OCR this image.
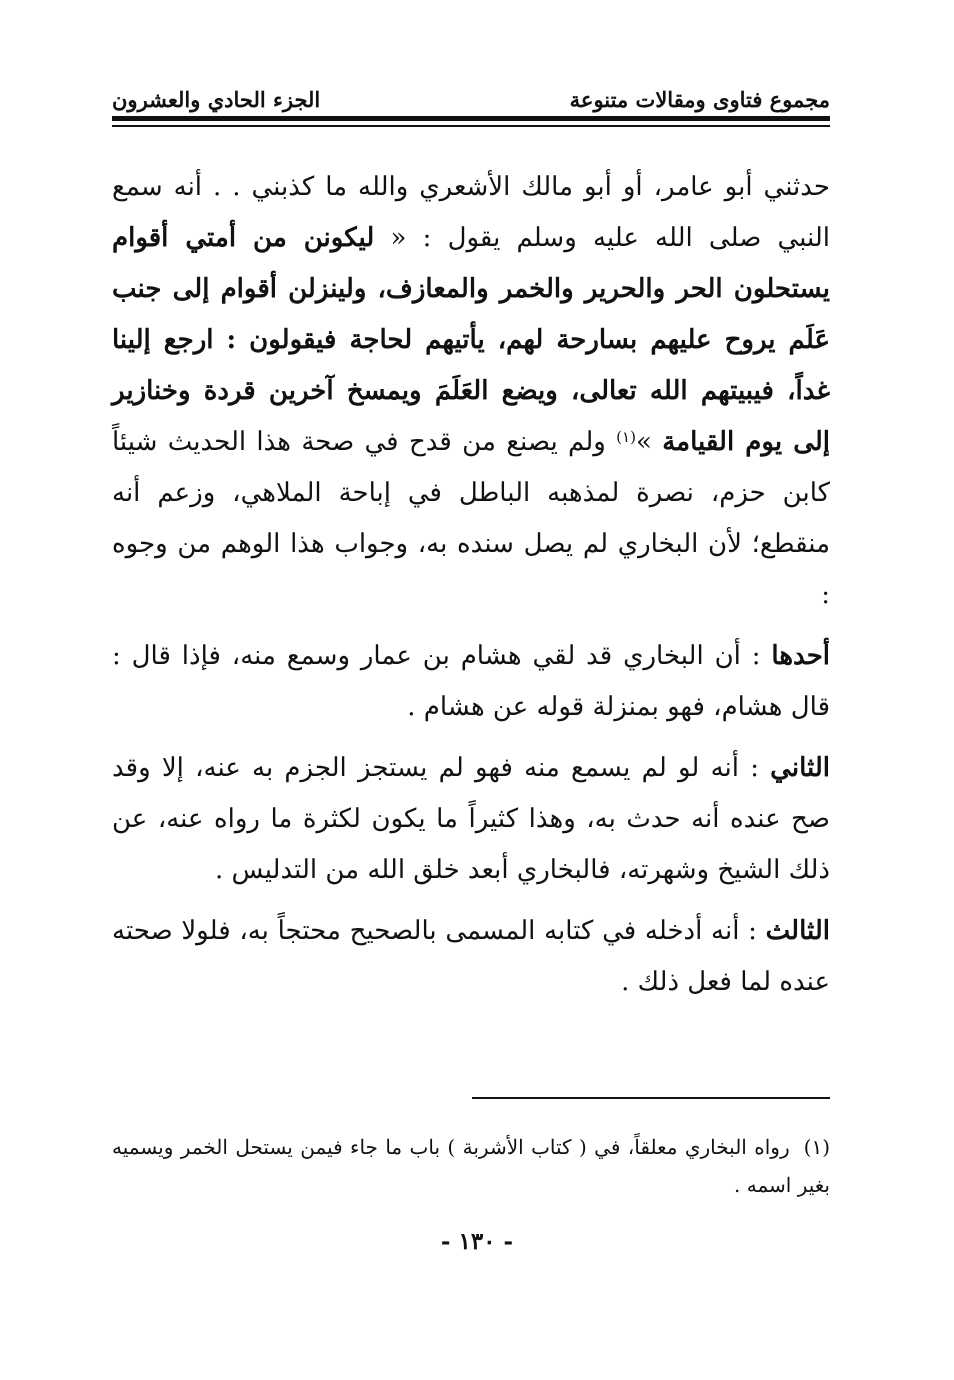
مجموع فتاوى ومقالات متنوعة
الجزء الحادي والعشرون

حدثني أبو عامر، أو أبو مالك الأشعري والله ما كذبني . . أنه سمع النبي صلى الله عليه وسلم يقول : « ليكونن من أمتي أقوام يستحلون الحر والحرير والخمر والمعازف، ولينزلن أقوام إلى جنب عَلَم يروح عليهم بسارحة لهم، يأتيهم لحاجة فيقولون : ارجع إلينا غداً، فيبيتهم الله تعالى، ويضع العَلَمَ ويمسخ آخرين قردة وخنازير إلى يوم القيامة »$^{(١)}$ ولم يصنع من قدح في صحة هذا الحديث شيئاً كابن حزم، نصرة لمذهبه الباطل في إباحة الملاهي، وزعم أنه منقطع؛ لأن البخاري لم يصل سنده به، وجواب هذا الوهم من وجوه :

أحدها : أن البخاري قد لقي هشام بن عمار وسمع منه، فإذا قال : قال هشام، فهو بمنزلة قوله عن هشام .

الثاني : أنه لو لم يسمع منه فهو لم يستجز الجزم به عنه، إلا وقد صح عنده أنه حدث به، وهذا كثيراً ما يكون لكثرة ما رواه عنه، عن ذلك الشيخ وشهرته، فالبخاري أبعد خلق الله من التدليس .

الثالث : أنه أدخله في كتابه المسمى بالصحيح محتجاً به، فلولا صحته عنده لما فعل ذلك .

(١)رواه البخاري معلقاً، في ( كتاب الأشربة ) باب ما جاء فيمن يستحل الخمر ويسميه بغير اسمه .
- ١٣٠ -
